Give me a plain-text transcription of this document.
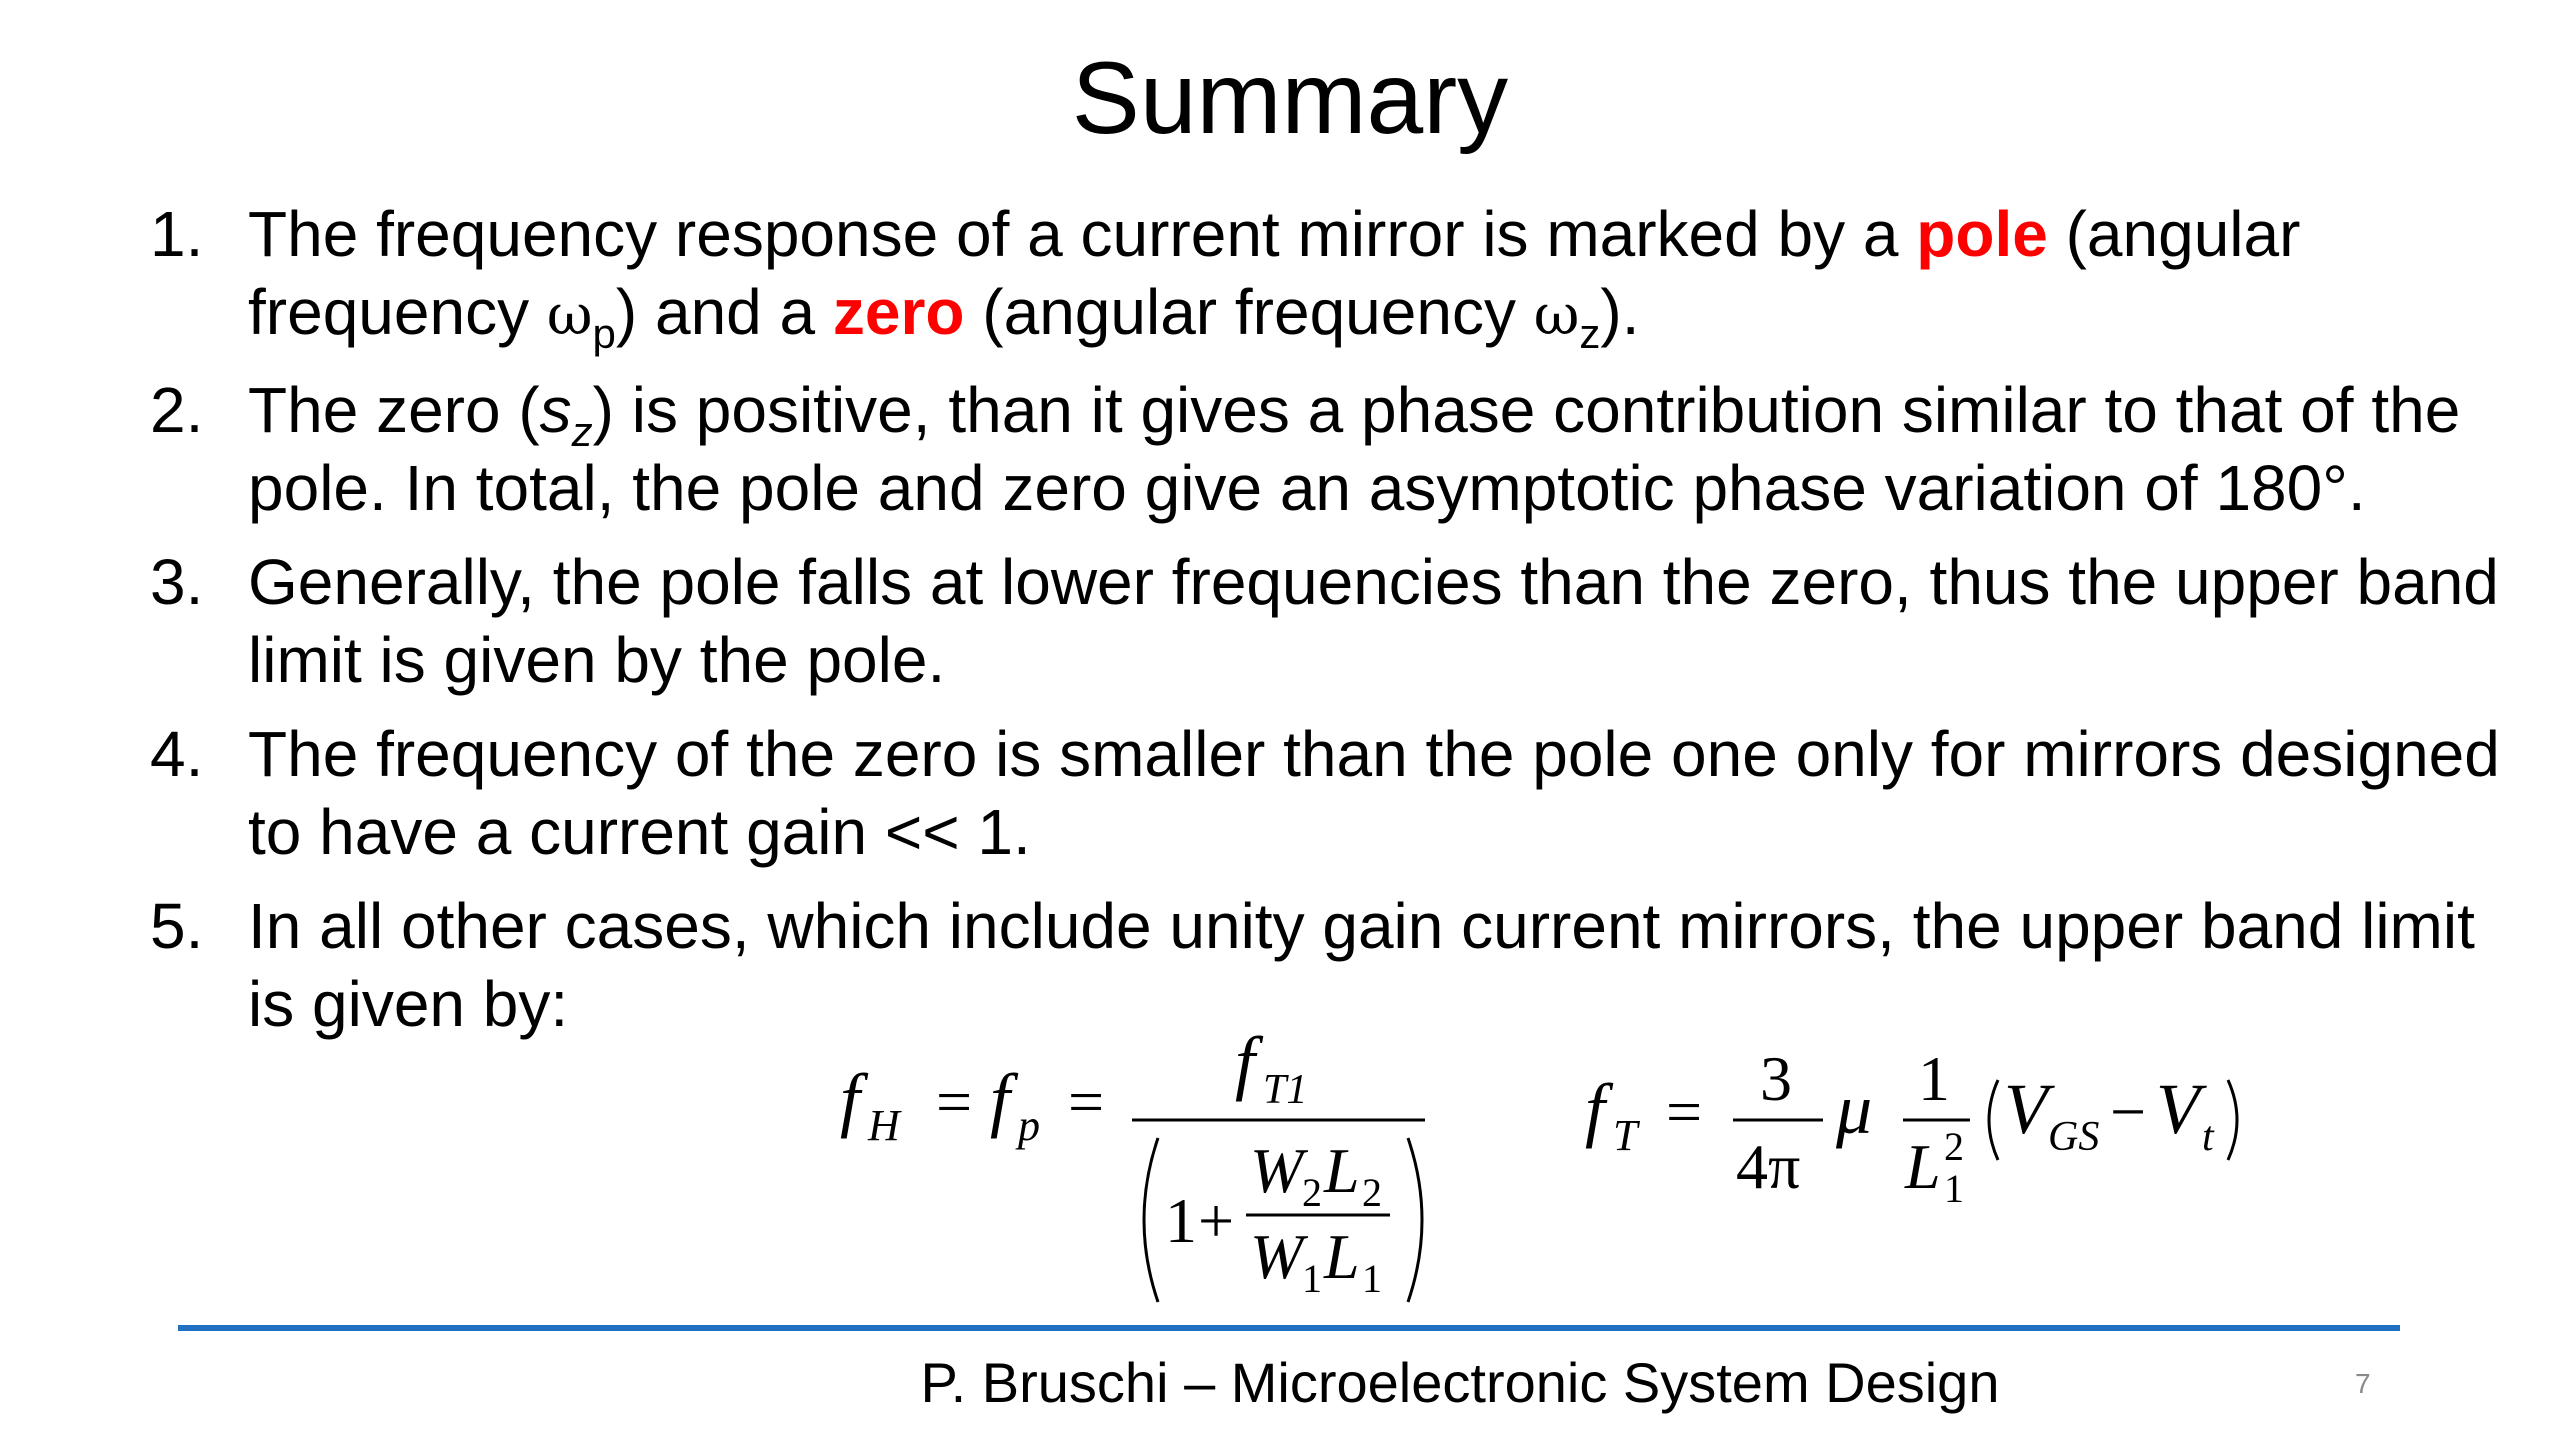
Summary
1. The frequency response of a current mirror is marked by a pole (angular frequency $\omega_p$) and a zero (angular frequency $\omega_z$).
2. The zero $(s_z)$ is positive, than it gives a phase contribution similar to that of the pole. In total, the pole and zero give an asymptotic phase variation of 180°.
3. Generally, the pole falls at lower frequencies than the zero, thus the upper band limit is given by the pole.
4. The frequency of the zero is smaller than the pole one only for mirrors designed to have a current gain << 1.
5. In all other cases, which include unity gain current mirrors, the upper band limit is given by:
f H = f p = f T1
1 +
W
2 L 2
W
1 L 1
f T = 3
4π
μ 1
L 2
1
V GS − V t
P. Bruschi – Microelectronic System Design	7
